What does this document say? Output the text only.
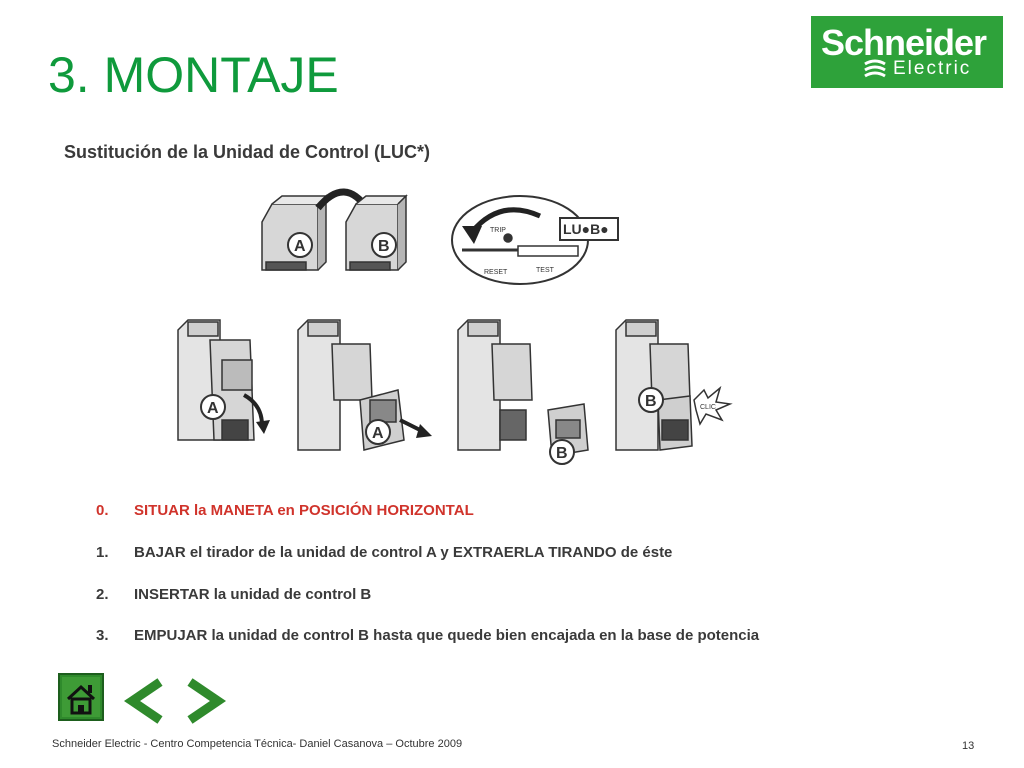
3. MONTAJE
Schneider
Electric
Sustitución de la Unidad de Control (LUC*)
A	B
TRIP
RESET	TEST
LU●B●
A
A
B
B	CLIC
0. SITUAR la MANETA en POSICIÓN HORIZONTAL
1. BAJAR el tirador de la unidad de control A y EXTRAERLA TIRANDO de éste
2. INSERTAR la unidad de control B
3. EMPUJAR la unidad de control B hasta que quede bien encajada en la base de potencia
Schneider Electric - Centro Competencia Técnica- Daniel Casanova – Octubre 2009	13
